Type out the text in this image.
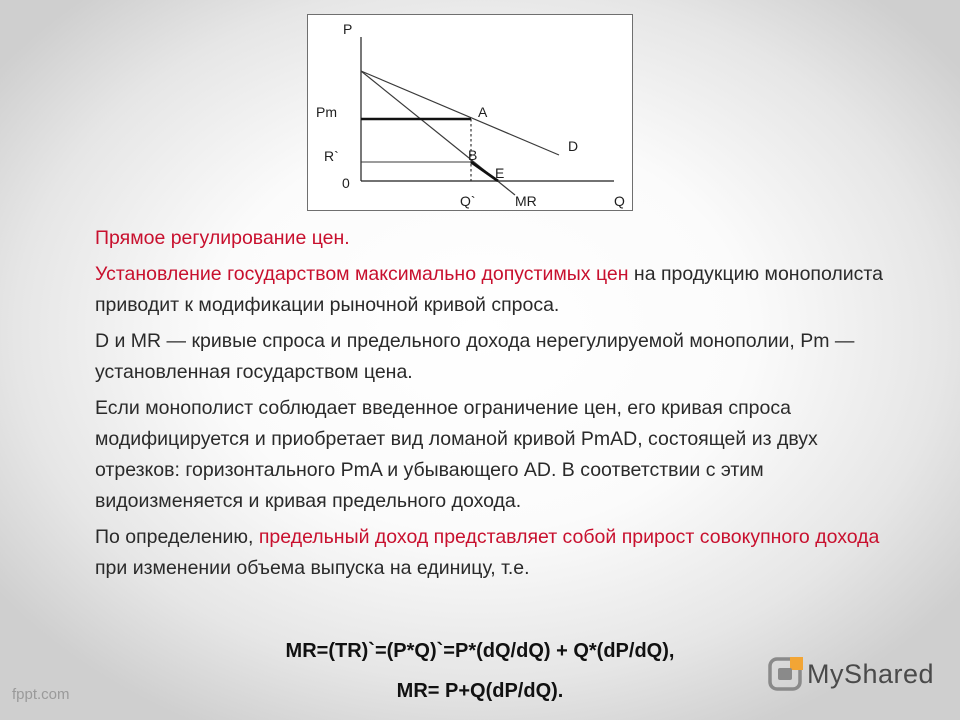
P
Pm
R`
0
A
B
E
D
Q`	MR	Q

Прямое регулирование цен.

Установление государством максимально допустимых цен на продукцию монополиста приводит к модификации рыночной кривой спроса.

D и MR — кривые спроса и предельного дохода нерегулируемой монополии, Pm — установленная государством цена.

Если монополист соблюдает введенное ограничение цен, его кривая спроса модифицируется и приобретает вид ломаной кривой PmAD, состоящей из двух отрезков: горизонтального PmA и убывающего AD. В соответствии с этим видоизменяется и кривая предельного дохода.

По определению, предельный доход представляет собой прирост совокупного дохода при изменении объема выпуска на единицу, т.е.

MR=(TR)`=(P*Q)`=P*(dQ/dQ) + Q*(dP/dQ),
MR= P+Q(dP/dQ).
fppt.com
MyShared
